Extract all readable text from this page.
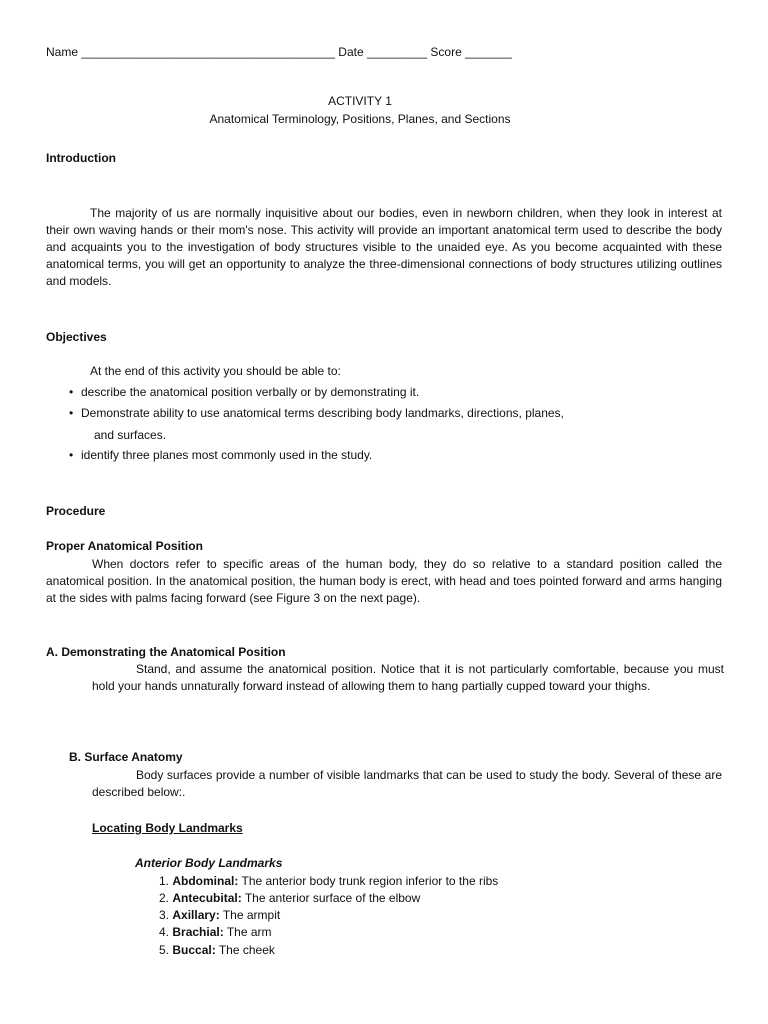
Name ______________________________________ Date _________ Score _______
ACTIVITY 1
Anatomical Terminology, Positions, Planes, and Sections
Introduction
The majority of us are normally inquisitive about our bodies, even in newborn children, when they look in interest at their own waving hands or their mom's nose. This activity will provide an important anatomical term used to describe the body and acquaints you to the investigation of body structures visible to the unaided eye. As you become acquainted with these anatomical terms, you will get an opportunity to analyze the three-dimensional connections of body structures utilizing outlines and models.
Objectives
At the end of this activity you should be able to:
• describe the anatomical position verbally or by demonstrating it.
• Demonstrate ability to use anatomical terms describing body landmarks, directions, planes,
and surfaces.
• identify three planes most commonly used in the study.
Procedure
Proper Anatomical Position
When doctors refer to specific areas of the human body, they do so relative to a standard position called the anatomical position. In the anatomical position, the human body is erect, with head and toes pointed forward and arms hanging at the sides with palms facing forward (see Figure 3 on the next page).
A. Demonstrating the Anatomical Position
Stand, and assume the anatomical position. Notice that it is not particularly comfortable, because you must hold your hands unnaturally forward instead of allowing them to hang partially cupped toward your thighs.
B. Surface Anatomy
Body surfaces provide a number of visible landmarks that can be used to study the body. Several of these are described below:.
Locating Body Landmarks
Anterior Body Landmarks
1. Abdominal: The anterior body trunk region inferior to the ribs
2. Antecubital: The anterior surface of the elbow
3. Axillary: The armpit
4. Brachial: The arm
5. Buccal: The cheek
